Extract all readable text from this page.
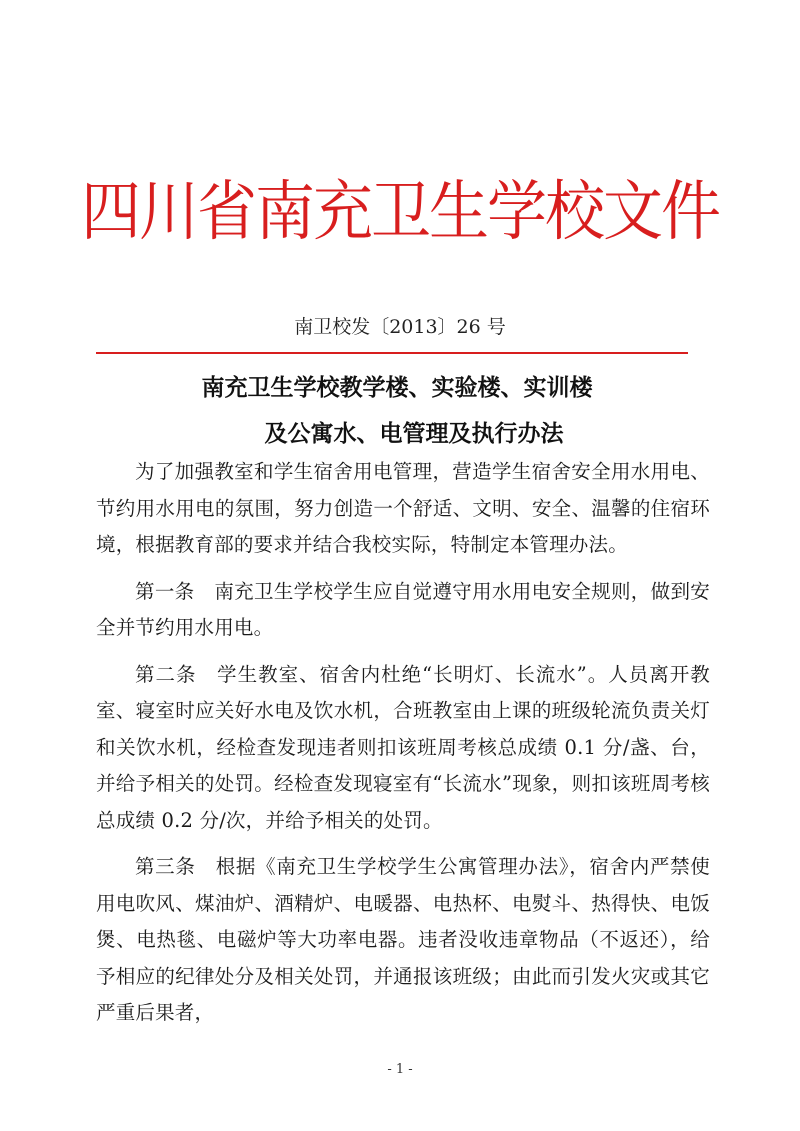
四川省南充卫生学校文件
南卫校发〔2013〕26 号
南充卫生学校教学楼、实验楼、实训楼
及公寓水、电管理及执行办法

为了加强教室和学生宿舍用电管理，营造学生宿舍安全用水用电、节约用水用电的氛围，努力创造一个舒适、文明、安全、温馨的住宿环境，根据教育部的要求并结合我校实际，特制定本管理办法。

第一条　南充卫生学校学生应自觉遵守用水用电安全规则，做到安全并节约用水用电。

第二条　学生教室、宿舍内杜绝“长明灯、长流水”。人员离开教室、寝室时应关好水电及饮水机，合班教室由上课的班级轮流负责关灯和关饮水机，经检查发现违者则扣该班周考核总成绩 0.1 分/盏、台，并给予相关的处罚。经检查发现寝室有“长流水”现象，则扣该班周考核总成绩 0.2 分/次，并给予相关的处罚。

第三条　根据《南充卫生学校学生公寓管理办法》，宿舍内严禁使用电吹风、煤油炉、酒精炉、电暖器、电热杯、电熨斗、热得快、电饭煲、电热毯、电磁炉等大功率电器。违者没收违章物品（不返还），给予相应的纪律处分及相关处罚，并通报该班级；由此而引发火灾或其它严重后果者，

- 1 -
